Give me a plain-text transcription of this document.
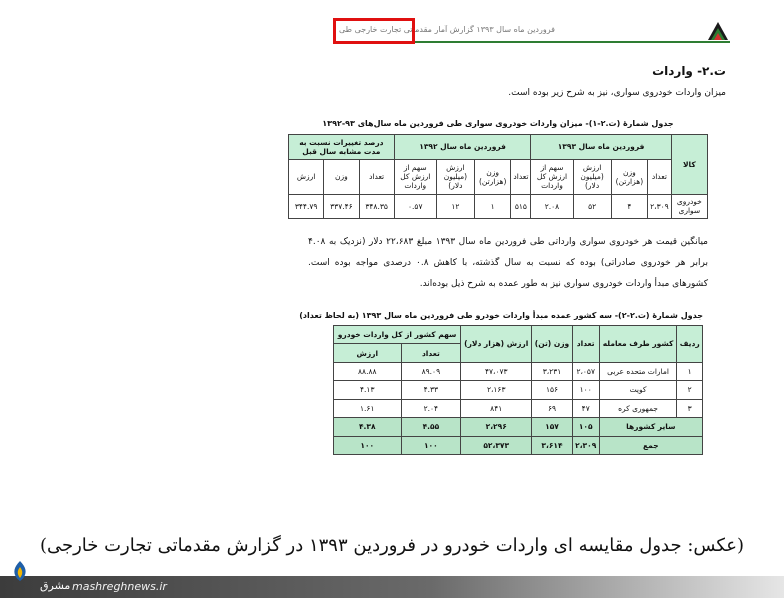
فروردین ماه سال ۱۳۹۳ گزارش آمار مقدماتی تجارت خارجی طی
ت.۲- واردات
میزان واردات خودروی سواری، نیز به شرح زیر بوده است.
جدول شمارهٔ (ت.۲-۱)- میزان واردات خودروی سواری طی فروردین ماه سال‌های ۹۳-۱۳۹۲
کالا	فروردین ماه سال ۱۳۹۳				فروردین ماه سال ۱۳۹۲				درصد تغییرات نسبت به مدت مشابه سال قبل		
	تعداد	وزن (هزارتن)	ارزش (میلیون دلار)	سهم از ارزش کل واردات	تعداد	وزن (هزارتن)	ارزش (میلیون دلار)	سهم از ارزش کل واردات	تعداد	وزن	ارزش
خودروی سواری	۲،۳۰۹	۴	۵۲	۲.۰۸	۵۱۵	۱	۱۲	۰.۵۷	۳۴۸.۳۵	۳۳۷.۴۶	۳۴۴.۷۹
میانگین قیمت هر خودروی سواری وارداتی طی فروردین ماه سال ۱۳۹۳ مبلغ ۲۲،۶۸۳ دلار (نزدیک به ۴.۰۸ برابر هر خودروی صادراتی) بوده که نسبت به سال گذشته، با کاهش ۰.۸ درصدی مواجه بوده است. کشورهای مبدأ واردات خودروی سواری نیز به طور عمده به شرح ذیل بوده‌اند.
جدول شمارهٔ (ت.۲-۲)- سه کشور عمده مبدأ واردات خودرو طی فروردین ماه سال ۱۳۹۳ (به لحاظ تعداد)
ردیف	کشور طرف معامله	تعداد	وزن (تن)	ارزش (هزار دلار)	سهم کشور از کل واردات خودرو	
					تعداد	ارزش
۱	امارات متحده عربی	۲،۰۵۷	۳،۲۳۱	۴۷،۰۷۳	۸۹.۰۹	۸۸.۸۸
۲	کویت	۱۰۰	۱۵۶	۲،۱۶۳	۴.۳۳	۴.۱۳
۳	جمهوری کره	۴۷	۶۹	۸۴۱	۲.۰۴	۱.۶۱
سایر کشورها		۱۰۵	۱۵۷	۲،۲۹۶	۴.۵۵	۴.۳۸
جمع		۲،۳۰۹	۳،۶۱۴	۵۲،۳۷۳	۱۰۰	۱۰۰
(عکس: جدول مقایسه ای واردات خودرو در فروردین ۱۳۹۳ در گزارش مقدماتی تجارت خارجی)
مشرق mashreghnews.ir
